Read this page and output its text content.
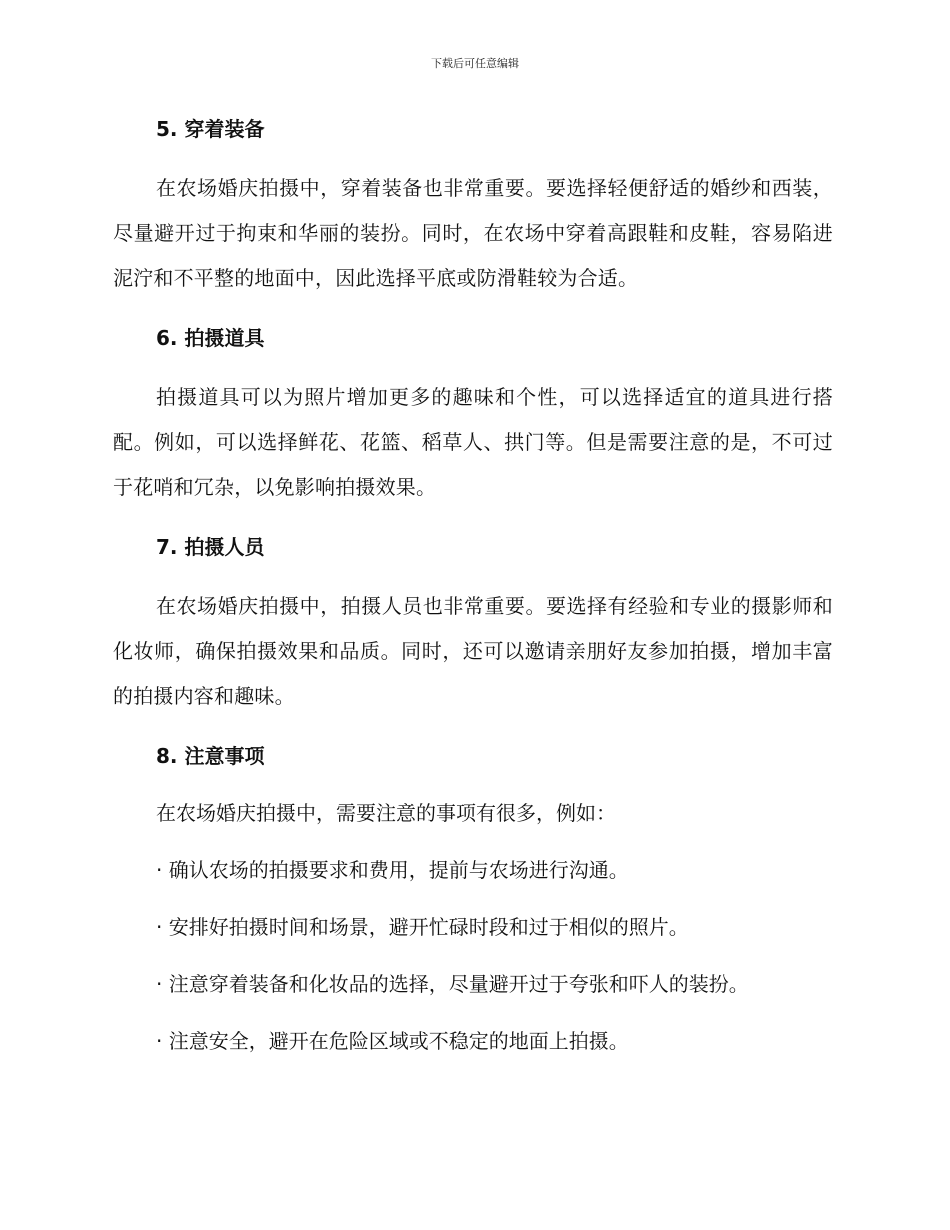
下载后可任意编辑
5. 穿着装备

在农场婚庆拍摄中，穿着装备也非常重要。要选择轻便舒适的婚纱和西装，尽量避开过于拘束和华丽的装扮。同时，在农场中穿着高跟鞋和皮鞋，容易陷进泥泞和不平整的地面中，因此选择平底或防滑鞋较为合适。

6. 拍摄道具

拍摄道具可以为照片增加更多的趣味和个性，可以选择适宜的道具进行搭配。例如，可以选择鲜花、花篮、稻草人、拱门等。但是需要注意的是，不可过于花哨和冗杂，以免影响拍摄效果。

7. 拍摄人员

在农场婚庆拍摄中，拍摄人员也非常重要。要选择有经验和专业的摄影师和化妆师，确保拍摄效果和品质。同时，还可以邀请亲朋好友参加拍摄，增加丰富的拍摄内容和趣味。

8. 注意事项

在农场婚庆拍摄中，需要注意的事项有很多，例如：

· 确认农场的拍摄要求和费用，提前与农场进行沟通。

· 安排好拍摄时间和场景，避开忙碌时段和过于相似的照片。

· 注意穿着装备和化妆品的选择，尽量避开过于夸张和吓人的装扮。

· 注意安全，避开在危险区域或不稳定的地面上拍摄。
